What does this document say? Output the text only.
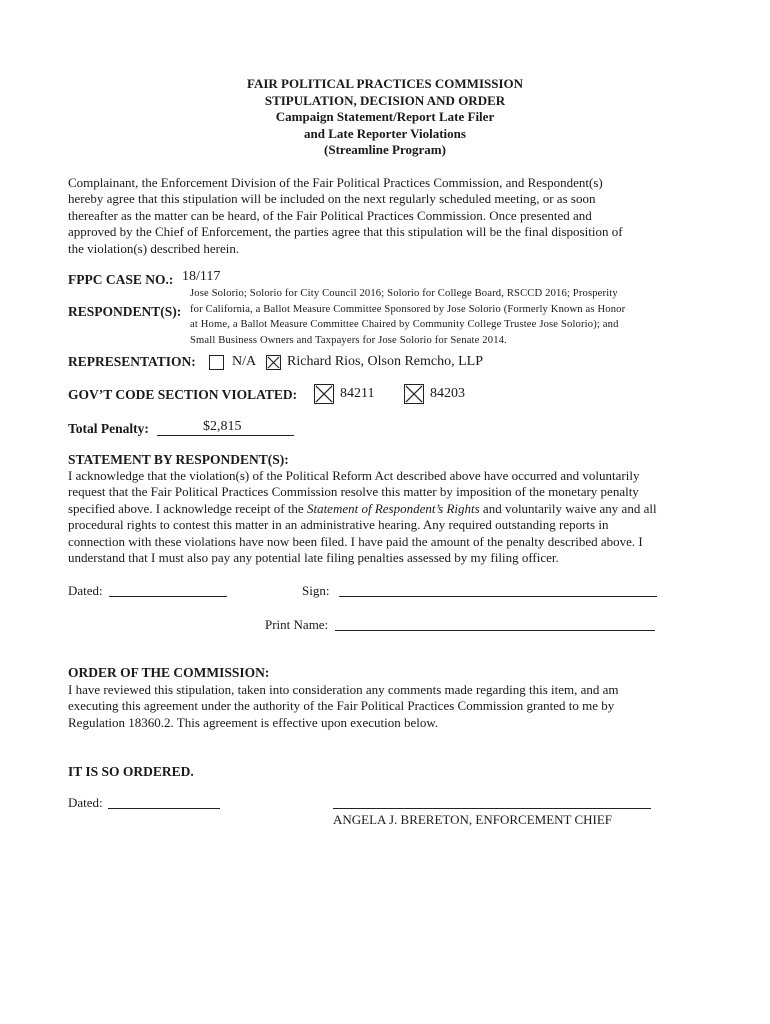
FAIR POLITICAL PRACTICES COMMISSION
STIPULATION, DECISION AND ORDER
Campaign Statement/Report Late Filer
and Late Reporter Violations
(Streamline Program)
Complainant, the Enforcement Division of the Fair Political Practices Commission, and Respondent(s)
hereby agree that this stipulation will be included on the next regularly scheduled meeting, or as soon
thereafter as the matter can be heard, of the Fair Political Practices Commission. Once presented and
approved by the Chief of Enforcement, the parties agree that this stipulation will be the final disposition of
the violation(s) described herein.
FPPC CASE NO.: 18/117
RESPONDENT(S):
Jose Solorio; Solorio for City Council 2016; Solorio for College Board, RSCCD 2016; Prosperity
for California, a Ballot Measure Committee Sponsored by Jose Solorio (Formerly Known as Honor
at Home, a Ballot Measure Committee Chaired by Community College Trustee Jose Solorio); and
Small Business Owners and Taxpayers for Jose Solorio for Senate 2014.
REPRESENTATION:	N/A Richard Rios, Olson Remcho, LLP
GOV’T CODE SECTION VIOLATED:	84211	84203
Total Penalty:	$2,815
STATEMENT BY RESPONDENT(S):
I acknowledge that the violation(s) of the Political Reform Act described above have occurred and voluntarily
request that the Fair Political Practices Commission resolve this matter by imposition of the monetary penalty
specified above. I acknowledge receipt of the Statement of Respondent’s Rights and voluntarily waive any and all
procedural rights to contest this matter in an administrative hearing. Any required outstanding reports in
connection with these violations have now been filed. I have paid the amount of the penalty described above. I
understand that I must also pay any potential late filing penalties assessed by my filing officer.
Dated:	Sign:
Print Name:
ORDER OF THE COMMISSION:
I have reviewed this stipulation, taken into consideration any comments made regarding this item, and am
executing this agreement under the authority of the Fair Political Practices Commission granted to me by
Regulation 18360.2. This agreement is effective upon execution below.
IT IS SO ORDERED.
Dated:
ANGELA J. BRERETON, ENFORCEMENT CHIEF
